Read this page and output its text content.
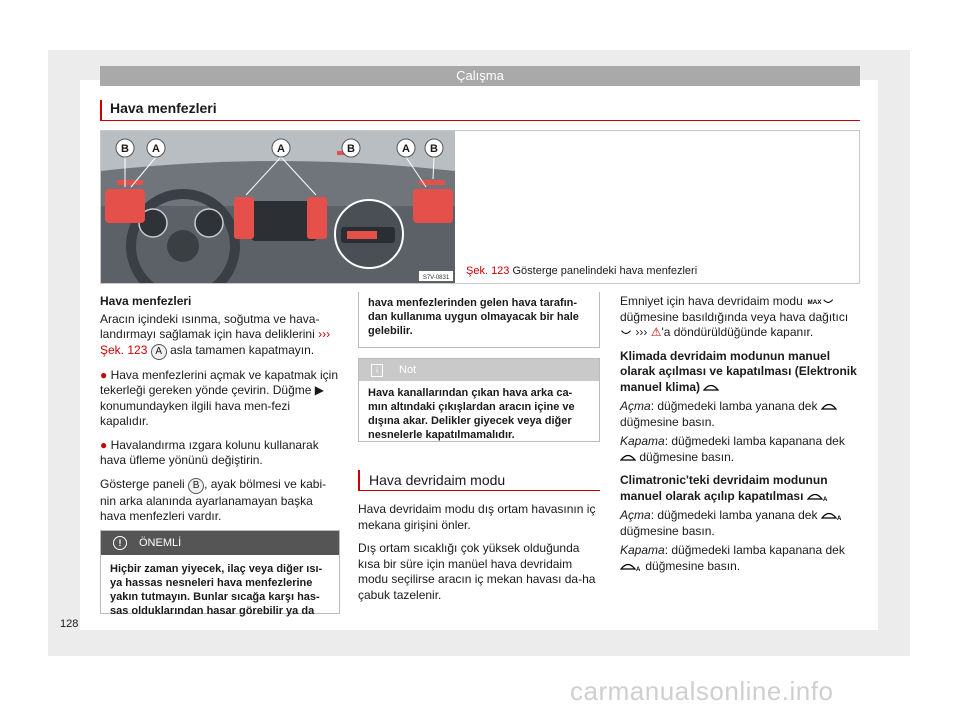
Çalışma
Hava menfezleri
B A	A	B	A B
S7V-0831
Şek. 123 Gösterge panelindeki hava menfezleri

Hava menfezleri

Aracın içindeki ısınma, soğutma ve hava-landırmayı sağlamak için hava deliklerini ››› Şek. 123 A asla tamamen kapatmayın.

● Hava menfezlerini açmak ve kapatmak için tekerleği gereken yönde çevirin. Düğme ▶ konumundayken ilgili hava men-fezi kapalıdır.

● Havalandırma ızgara kolunu kullanarak hava üfleme yönünü değiştirin.

Gösterge paneli B , ayak bölmesi ve kabi-nin arka alanında ayarlanamayan başka hava menfezleri vardır.

!	ÖNEMLİ
Hiçbir zaman yiyecek, ilaç veya diğer ısı-ya hassas nesneleri hava menfezlerine yakın tutmayın. Bunlar sıcağa karşı has-sas olduklarından hasar görebilir ya da
hava menfezlerinden gelen hava tarafın-dan kullanıma uygun olmayacak bir hale gelebilir.
i	Not
Hava kanallarından çıkan hava arka ca-mın altındaki çıkışlardan aracın içine ve dışına akar. Delikler giyecek veya diğer nesnelerle kapatılmamalıdır.
Hava devridaim modu

Hava devridaim modu dış ortam havasının iç mekana girişini önler.

Dış ortam sıcaklığı çok yüksek olduğunda kısa bir süre için manüel hava devridaim modu seçilirse aracın iç mekan havası da-ha çabuk tazelenir.

Emniyet için hava devridaim modu MAX
düğmesine basıldığında veya hava dağıtıcı  ››› ⚠'a döndürüldüğünde kapanır.

Klimada devridaim modunun manuel olarak açılması ve kapatılması (Elektronik manuel klima)

Açma: düğmedeki lamba yanana dek  düğmesine basın.

Kapama: düğmedeki lamba kapanana dek  düğmesine basın.

Climatronic'teki devridaim modunun manuel olarak açılıp kapatılması	A

Açma: düğmedeki lamba yanana dek	A
düğmesine basın.

Kapama: düğmedeki lamba kapanana dek
A düğmesine basın.

128
carmanualsonline.info
